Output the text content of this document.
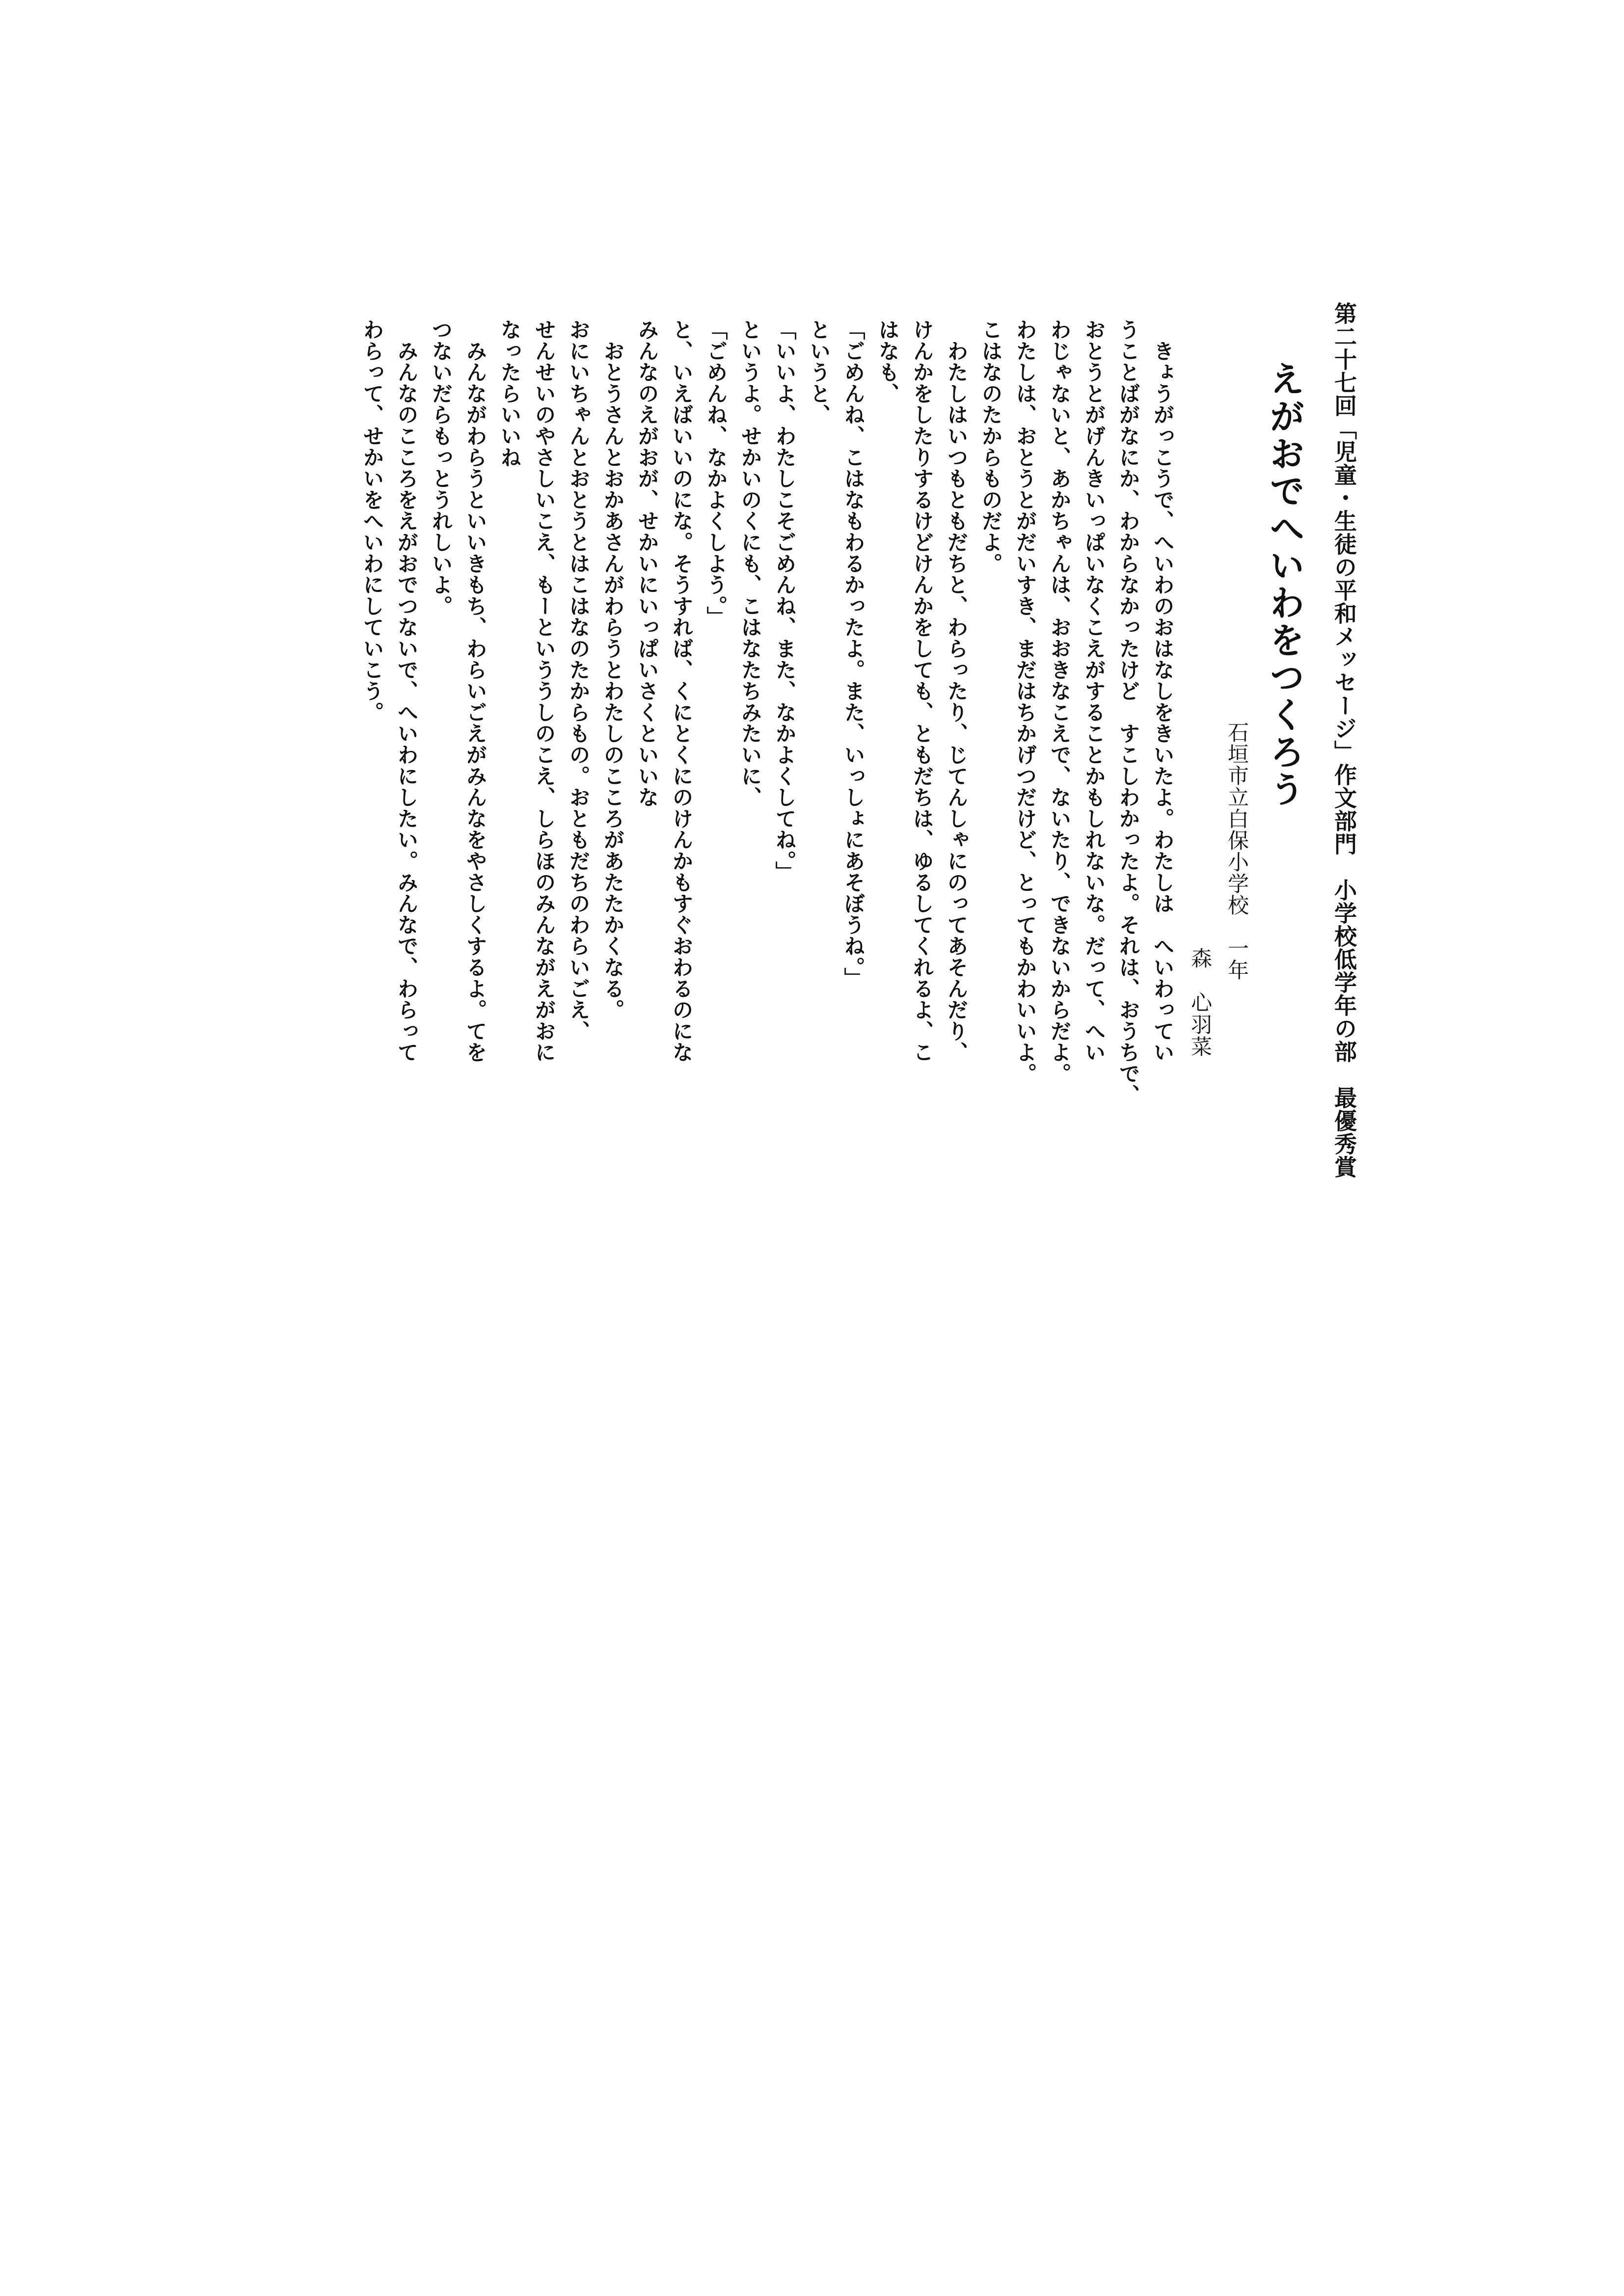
第二十七回「児童・生徒の平和メッセージ」作文部門　小学校低学年の部　最優秀賞
えがおでへいわをつくろう
石垣市立白保小学校　一年
森　心羽菜
　きょうがっこうで、へいわのおはなしをきいたよ。わたしは　へいわってい
うことばがなにか、わからなかったけど　すこしわかったよ。それは、おうちで、
おとうとがげんきいっぱいなくこえがすることかもしれないな。だって、へい
わじゃないと、あかちゃんは、おおきなこえで、ないたり、できないからだよ。
わたしは、おとうとがだいすき、まだはちかげつだけど、とってもかわいいよ。
こはなのたからものだよ。
　わたしはいつもともだちと、わらったり、じてんしゃにのってあそんだり、
けんかをしたりするけどけんかをしても、ともだちは、ゆるしてくれるよ、こ
はなも、
「ごめんね、こはなもわるかったよ。また、いっしょにあそぼうね。」
というと、
「いいよ、わたしこそごめんね、また、なかよくしてね。」
というよ。せかいのくにも、こはなたちみたいに、
「ごめんね、なかよくしよう。」
と、いえばいいのにな。そうすれば、くにとくにのけんかもすぐおわるのにな
みんなのえがおが、せかいにいっぱいさくといいな
　おとうさんとおかあさんがわらうとわたしのこころがあたたかくなる。
おにいちゃんとおとうとはこはなのたからもの。おともだちのわらいごえ、
せんせいのやさしいこえ、もーといううしのこえ、しらほのみんながえがおに
なったらいいね
　みんながわらうといいきもち、わらいごえがみんなをやさしくするよ。てを
つないだらもっとうれしいよ。
　みんなのこころをえがおでつないで、へいわにしたい。みんなで、わらって
わらって、せかいをへいわにしていこう。
